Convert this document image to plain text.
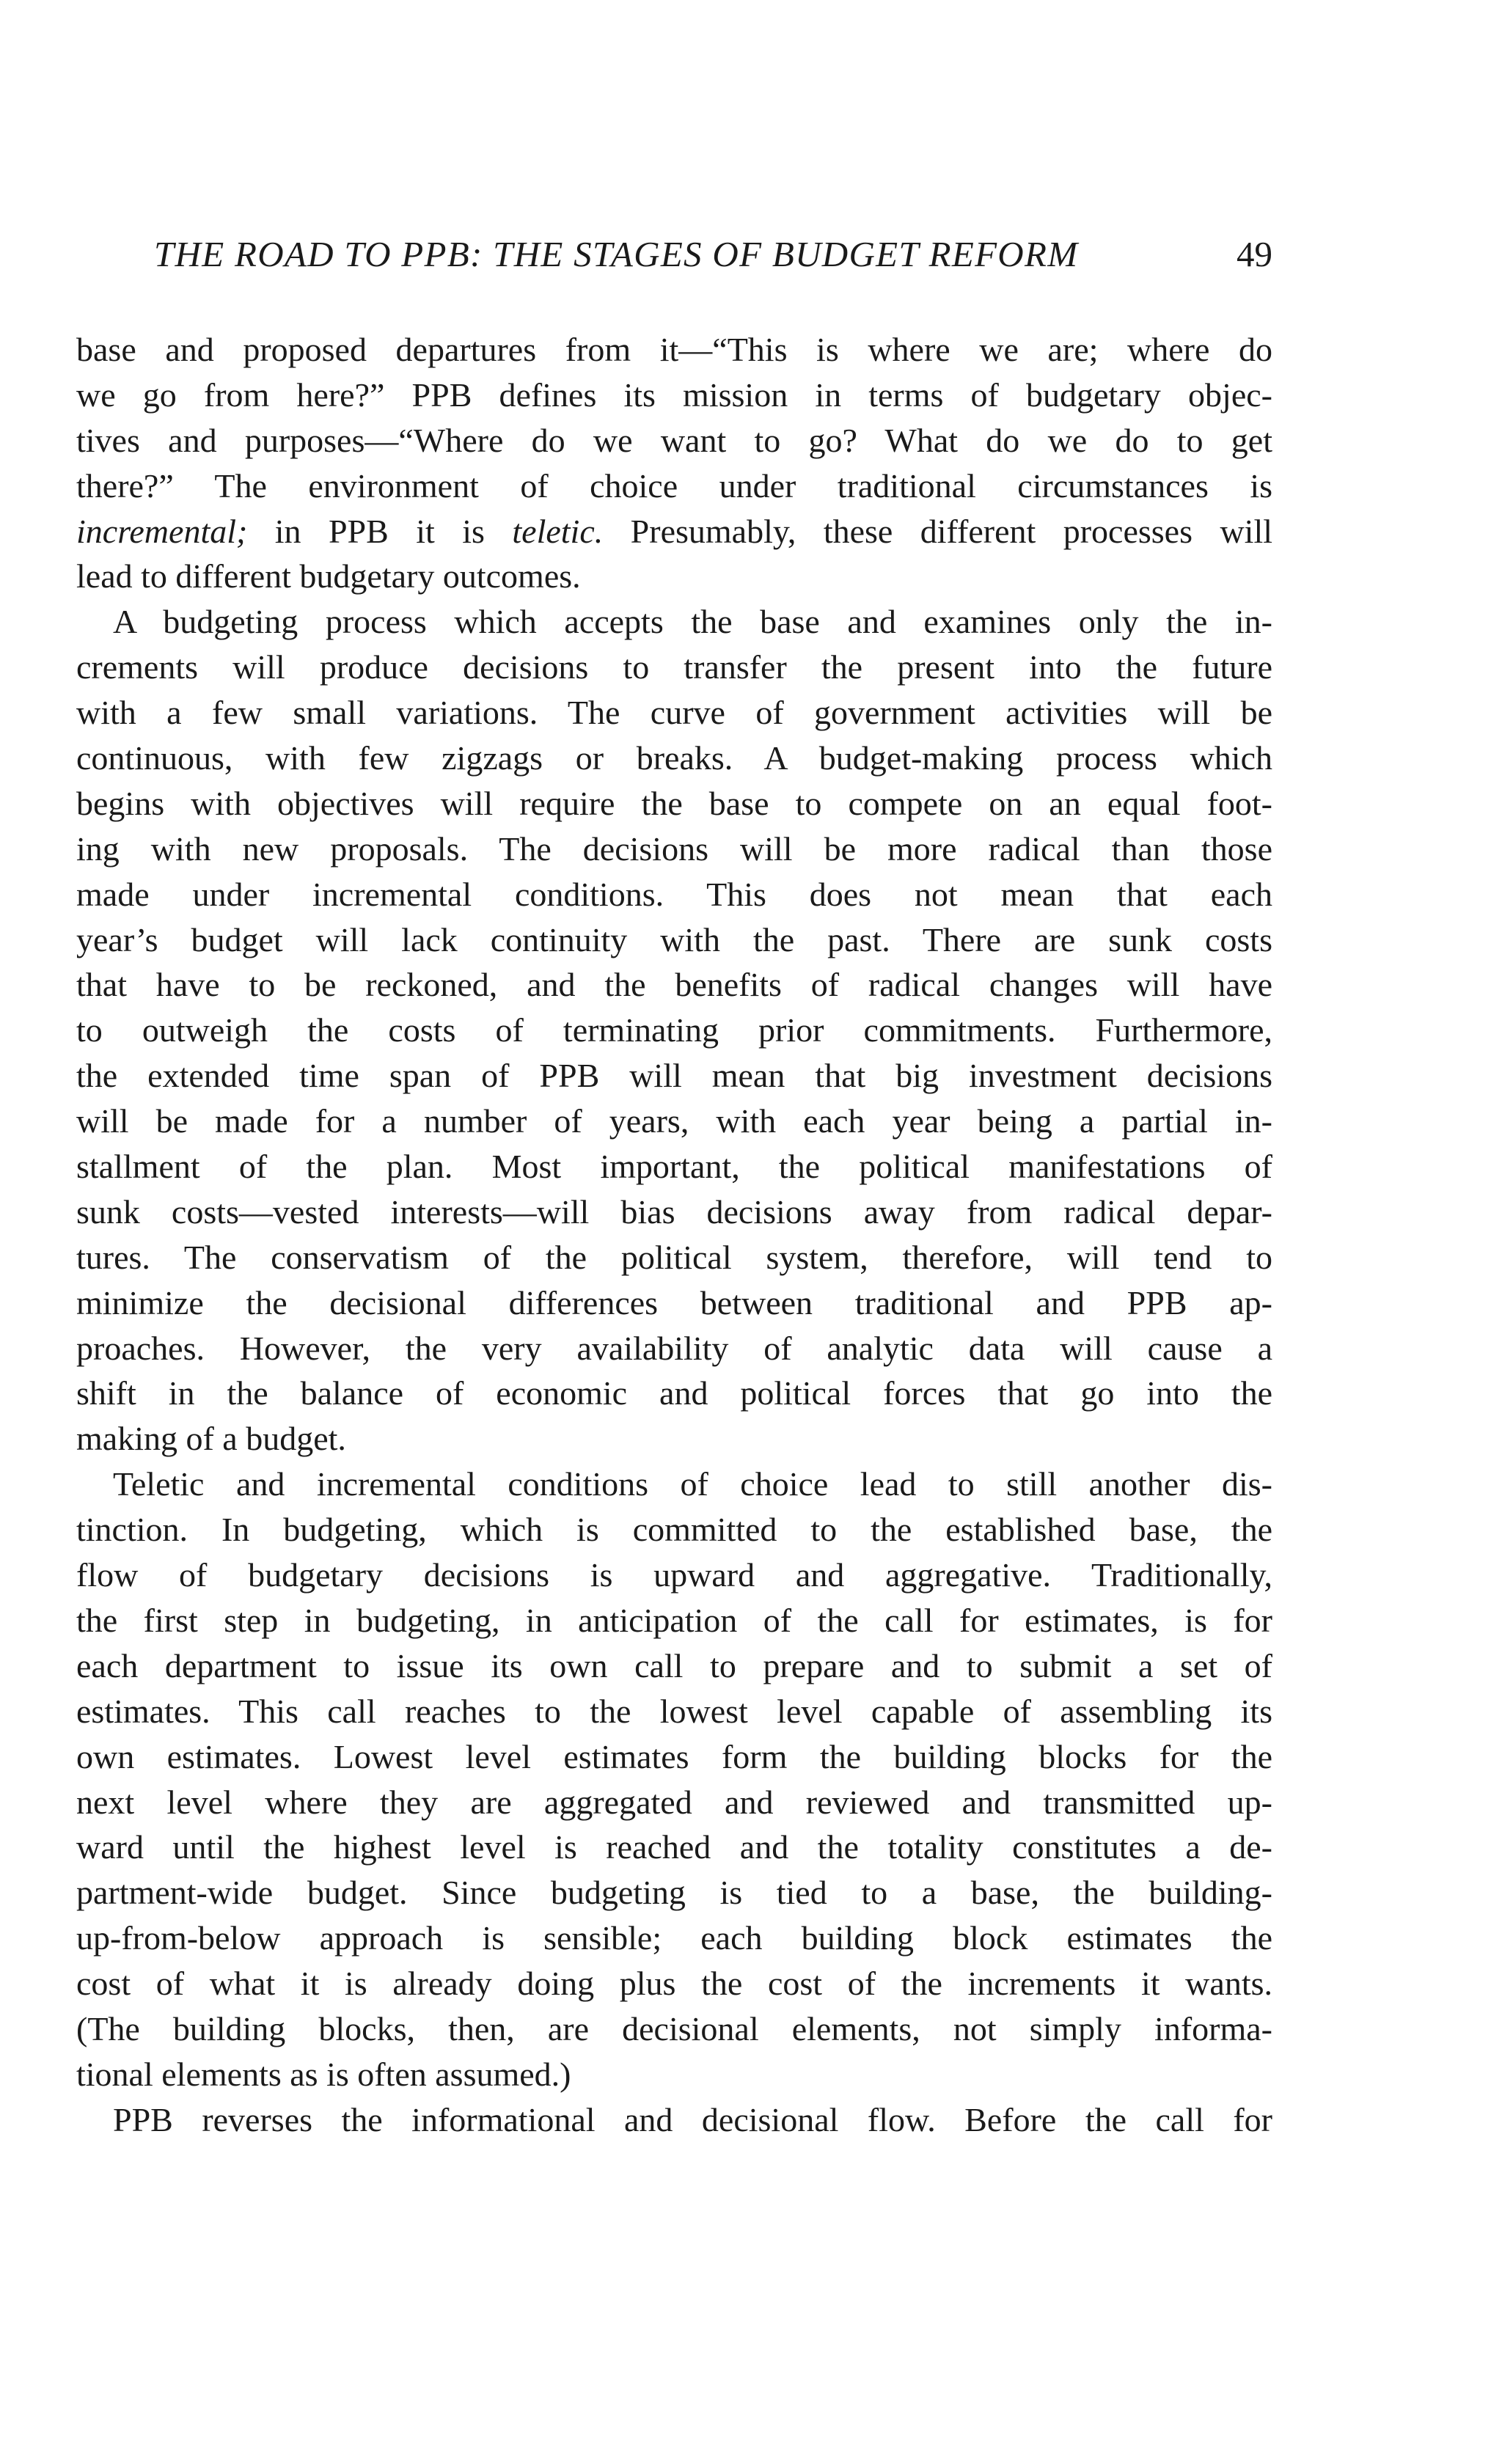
THE ROAD TO PPB: THE STAGES OF BUDGET REFORM	49
base and proposed departures from it—“This is where we are; where do
we go from here?” PPB defines its mission in terms of budgetary objec-
tives and purposes—“Where do we want to go? What do we do to get
there?” The environment of choice under traditional circumstances is
incremental; in PPB it is teletic. Presumably, these different processes will
lead to different budgetary outcomes.
A budgeting process which accepts the base and examines only the in-
crements will produce decisions to transfer the present into the future
with a few small variations. The curve of government activities will be
continuous, with few zigzags or breaks. A budget-making process which
begins with objectives will require the base to compete on an equal foot-
ing with new proposals. The decisions will be more radical than those
made under incremental conditions. This does not mean that each
year’s budget will lack continuity with the past. There are sunk costs
that have to be reckoned, and the benefits of radical changes will have
to outweigh the costs of terminating prior commitments. Furthermore,
the extended time span of PPB will mean that big investment decisions
will be made for a number of years, with each year being a partial in-
stallment of the plan. Most important, the political manifestations of
sunk costs—vested interests—will bias decisions away from radical depar-
tures. The conservatism of the political system, therefore, will tend to
minimize the decisional differences between traditional and PPB ap-
proaches. However, the very availability of analytic data will cause a
shift in the balance of economic and political forces that go into the
making of a budget.
Teletic and incremental conditions of choice lead to still another dis-
tinction. In budgeting, which is committed to the established base, the
flow of budgetary decisions is upward and aggregative. Traditionally,
the first step in budgeting, in anticipation of the call for estimates, is for
each department to issue its own call to prepare and to submit a set of
estimates. This call reaches to the lowest level capable of assembling its
own estimates. Lowest level estimates form the building blocks for the
next level where they are aggregated and reviewed and transmitted up-
ward until the highest level is reached and the totality constitutes a de-
partment-wide budget. Since budgeting is tied to a base, the building-
up-from-below approach is sensible; each building block estimates the
cost of what it is already doing plus the cost of the increments it wants.
(The building blocks, then, are decisional elements, not simply informa-
tional elements as is often assumed.)
PPB reverses the informational and decisional flow. Before the call for
